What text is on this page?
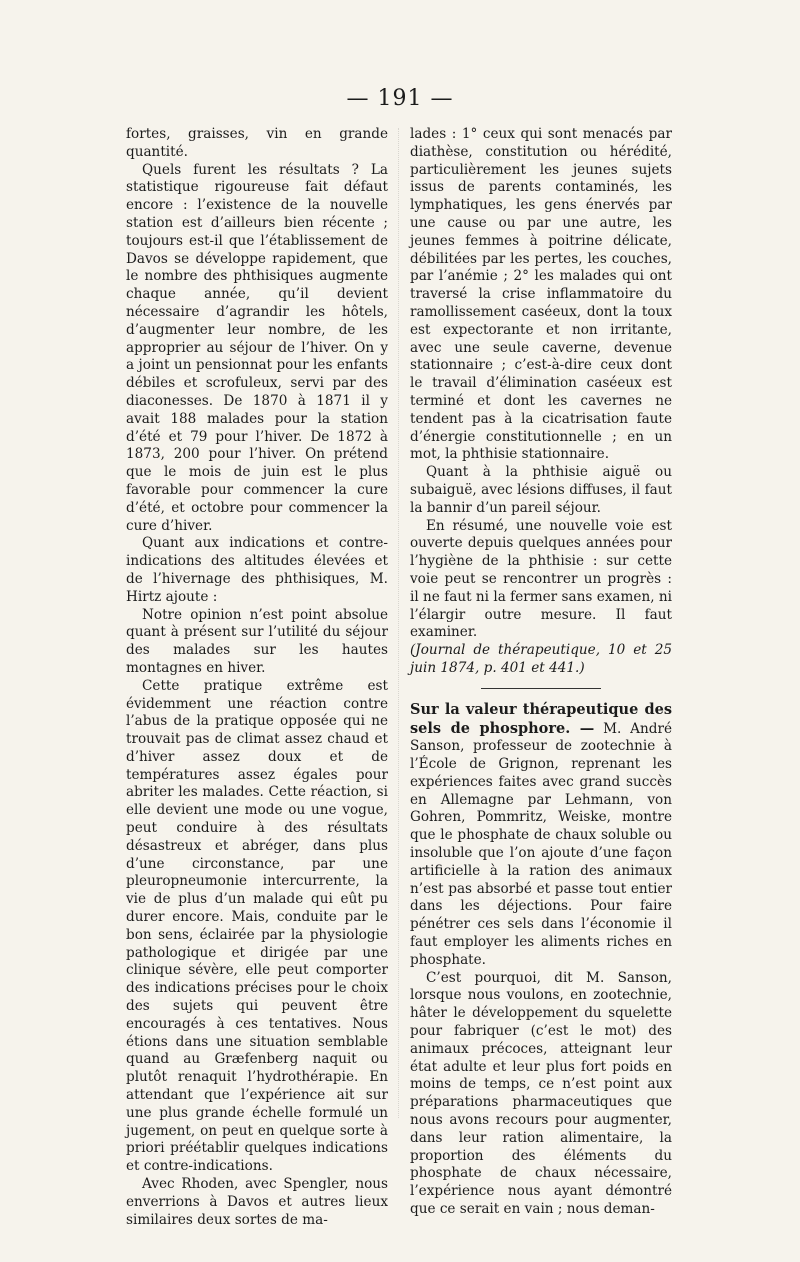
— 191 —

fortes, graisses, vin en grande quantité.

Quels furent les résultats ? La statistique rigoureuse fait défaut encore : l’existence de la nouvelle station est d’ailleurs bien récente ; toujours est-il que l’établissement de Davos se développe rapidement, que le nombre des phthisiques augmente chaque année, qu’il devient nécessaire d’agrandir les hôtels, d’augmenter leur nombre, de les approprier au séjour de l’hiver. On y a joint un pensionnat pour les enfants débiles et scrofuleux, servi par des diaconesses. De 1870 à 1871 il y avait 188 malades pour la station d’été et 79 pour l’hiver. De 1872 à 1873, 200 pour l’hiver. On prétend que le mois de juin est le plus favorable pour commencer la cure d’été, et octobre pour commencer la cure d’hiver.

Quant aux indications et contre-indications des altitudes élevées et de l’hivernage des phthisiques, M. Hirtz ajoute :

Notre opinion n’est point absolue quant à présent sur l’utilité du séjour des malades sur les hautes montagnes en hiver.

Cette pratique extrême est évidemment une réaction contre l’abus de la pratique opposée qui ne trouvait pas de climat assez chaud et d’hiver assez doux et de températures assez égales pour abriter les malades. Cette réaction, si elle devient une mode ou une vogue, peut conduire à des résultats désastreux et abréger, dans plus d’une circonstance, par une pleuropneumonie intercurrente, la vie de plus d’un malade qui eût pu durer encore. Mais, conduite par le bon sens, éclairée par la physiologie pathologique et dirigée par une clinique sévère, elle peut comporter des indications précises pour le choix des sujets qui peuvent être encouragés à ces tentatives. Nous étions dans une situation semblable quand au Græfenberg naquit ou plutôt renaquit l’hydrothérapie. En attendant que l’expérience ait sur une plus grande échelle formulé un jugement, on peut en quelque sorte à priori préétablir quelques indications et contre-indications.

Avec Rhoden, avec Spengler, nous enverrions à Davos et autres lieux similaires deux sortes de ma-

lades : 1° ceux qui sont menacés par diathèse, constitution ou hérédité, particulièrement les jeunes sujets issus de parents contaminés, les lymphatiques, les gens énervés par une cause ou par une autre, les jeunes femmes à poitrine délicate, débilitées par les pertes, les couches, par l’anémie ; 2° les malades qui ont traversé la crise inflammatoire du ramollissement caséeux, dont la toux est expectorante et non irritante, avec une seule caverne, devenue stationnaire ; c’est-à-dire ceux dont le travail d’élimination caséeux est terminé et dont les cavernes ne tendent pas à la cicatrisation faute d’énergie constitutionnelle ; en un mot, la phthisie stationnaire.

Quant à la phthisie aiguë ou subaiguë, avec lésions diffuses, il faut la bannir d’un pareil séjour.

En résumé, une nouvelle voie est ouverte depuis quelques années pour l’hygiène de la phthisie : sur cette voie peut se rencontrer un progrès : il ne faut ni la fermer sans examen, ni l’élargir outre mesure. Il faut examiner.

(Journal de thérapeutique, 10 et 25 juin 1874, p. 401 et 441.)

Sur la valeur thérapeutique des sels de phosphore. — M. André Sanson, professeur de zootechnie à l’École de Grignon, reprenant les expériences faites avec grand succès en Allemagne par Lehmann, von Gohren, Pommritz, Weiske, montre que le phosphate de chaux soluble ou insoluble que l’on ajoute d’une façon artificielle à la ration des animaux n’est pas absorbé et passe tout entier dans les déjections. Pour faire pénétrer ces sels dans l’économie il faut employer les aliments riches en phosphate.

C’est pourquoi, dit M. Sanson, lorsque nous voulons, en zootechnie, hâter le développement du squelette pour fabriquer (c’est le mot) des animaux précoces, atteignant leur état adulte et leur plus fort poids en moins de temps, ce n’est point aux préparations pharmaceutiques que nous avons recours pour augmenter, dans leur ration alimentaire, la proportion des éléments du phosphate de chaux nécessaire, l’expérience nous ayant démontré que ce serait en vain ; nous deman-
